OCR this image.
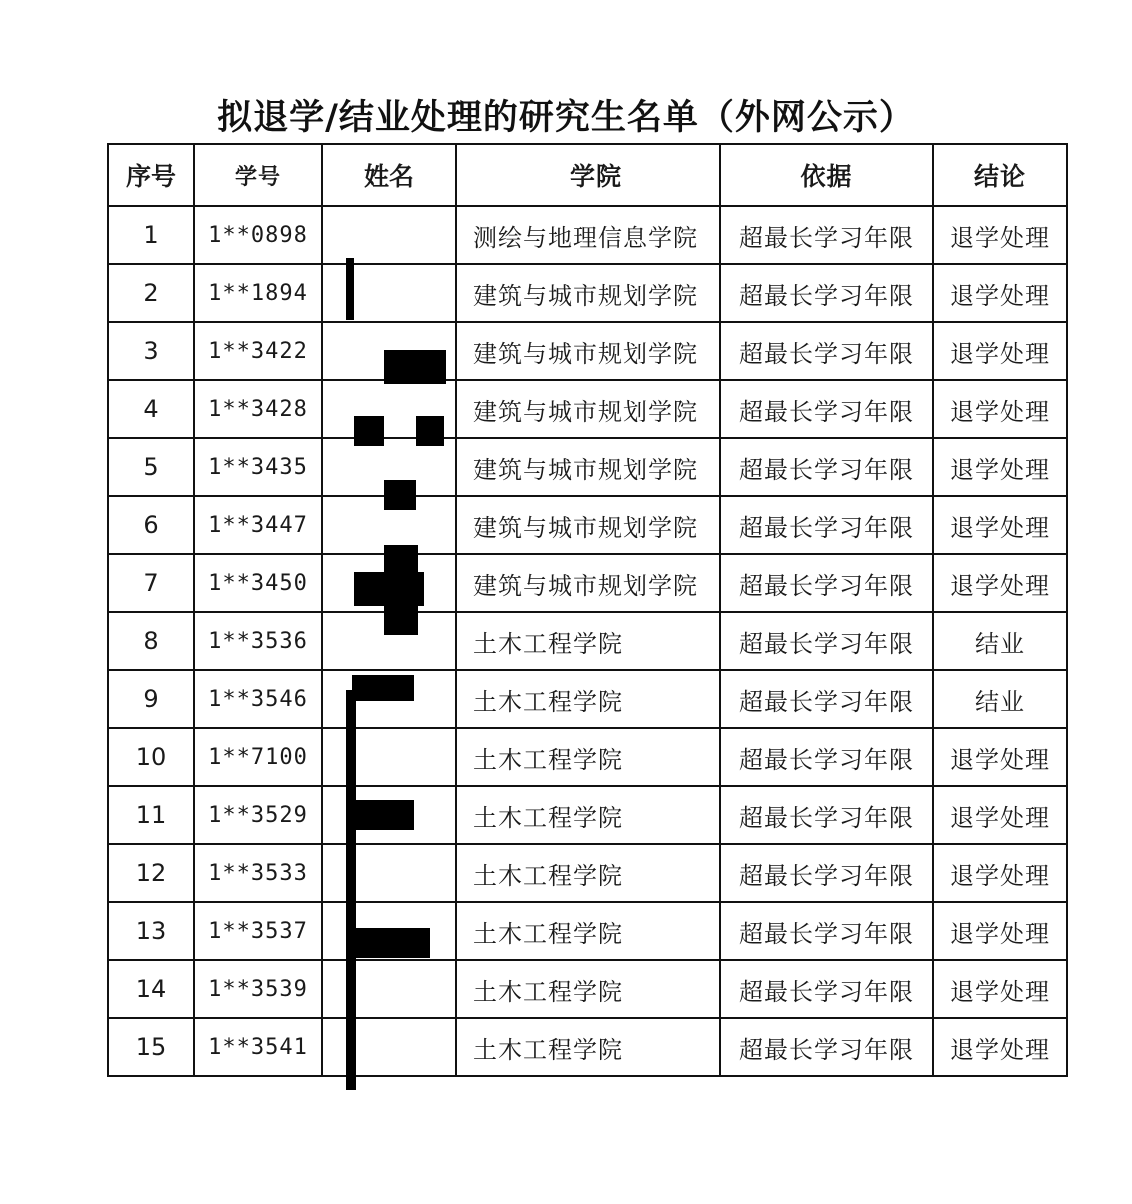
拟退学/结业处理的研究生名单（外网公示）
序号	学号	姓名	学院	依据	结论
1	1**0898		测绘与地理信息学院	超最长学习年限	退学处理
2	1**1894		建筑与城市规划学院	超最长学习年限	退学处理
3	1**3422		建筑与城市规划学院	超最长学习年限	退学处理
4	1**3428		建筑与城市规划学院	超最长学习年限	退学处理
5	1**3435		建筑与城市规划学院	超最长学习年限	退学处理
6	1**3447		建筑与城市规划学院	超最长学习年限	退学处理
7	1**3450		建筑与城市规划学院	超最长学习年限	退学处理
8	1**3536		土木工程学院	超最长学习年限	结业
9	1**3546		土木工程学院	超最长学习年限	结业
10	1**7100		土木工程学院	超最长学习年限	退学处理
11	1**3529		土木工程学院	超最长学习年限	退学处理
12	1**3533		土木工程学院	超最长学习年限	退学处理
13	1**3537		土木工程学院	超最长学习年限	退学处理
14	1**3539		土木工程学院	超最长学习年限	退学处理
15	1**3541		土木工程学院	超最长学习年限	退学处理
